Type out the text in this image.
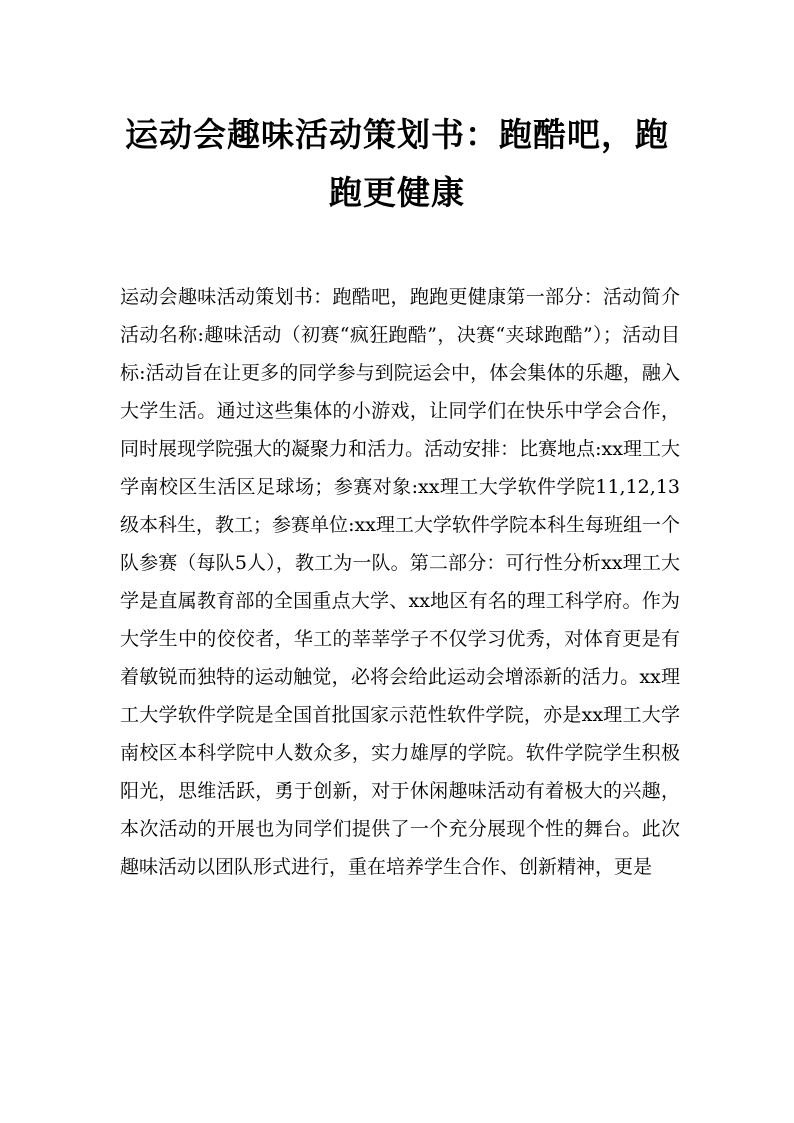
运动会趣味活动策划书：跑酷吧，跑跑更健康

运动会趣味活动策划书：跑酷吧，跑跑更健康第一部分：活动简介活动名称:趣味活动（初赛“疯狂跑酷”，决赛“夹球跑酷”）；活动目标:活动旨在让更多的同学参与到院运会中，体会集体的乐趣，融入大学生活。通过这些集体的小游戏，让同学们在快乐中学会合作，同时展现学院强大的凝聚力和活力。活动安排：比赛地点:xx理工大学南校区生活区足球场；参赛对象:xx理工大学软件学院11,12,13级本科生，教工；参赛单位:xx理工大学软件学院本科生每班组一个队参赛（每队5人），教工为一队。第二部分：可行性分析xx理工大学是直属教育部的全国重点大学、xx地区有名的理工科学府。作为大学生中的佼佼者，华工的莘莘学子不仅学习优秀，对体育更是有着敏锐而独特的运动触觉，必将会给此运动会增添新的活力。xx理工大学软件学院是全国首批国家示范性软件学院，亦是xx理工大学南校区本科学院中人数众多，实力雄厚的学院。软件学院学生积极阳光，思维活跃，勇于创新，对于休闲趣味活动有着极大的兴趣，本次活动的开展也为同学们提供了一个充分展现个性的舞台。此次趣味活动以团队形式进行，重在培养学生合作、创新精神，更是
